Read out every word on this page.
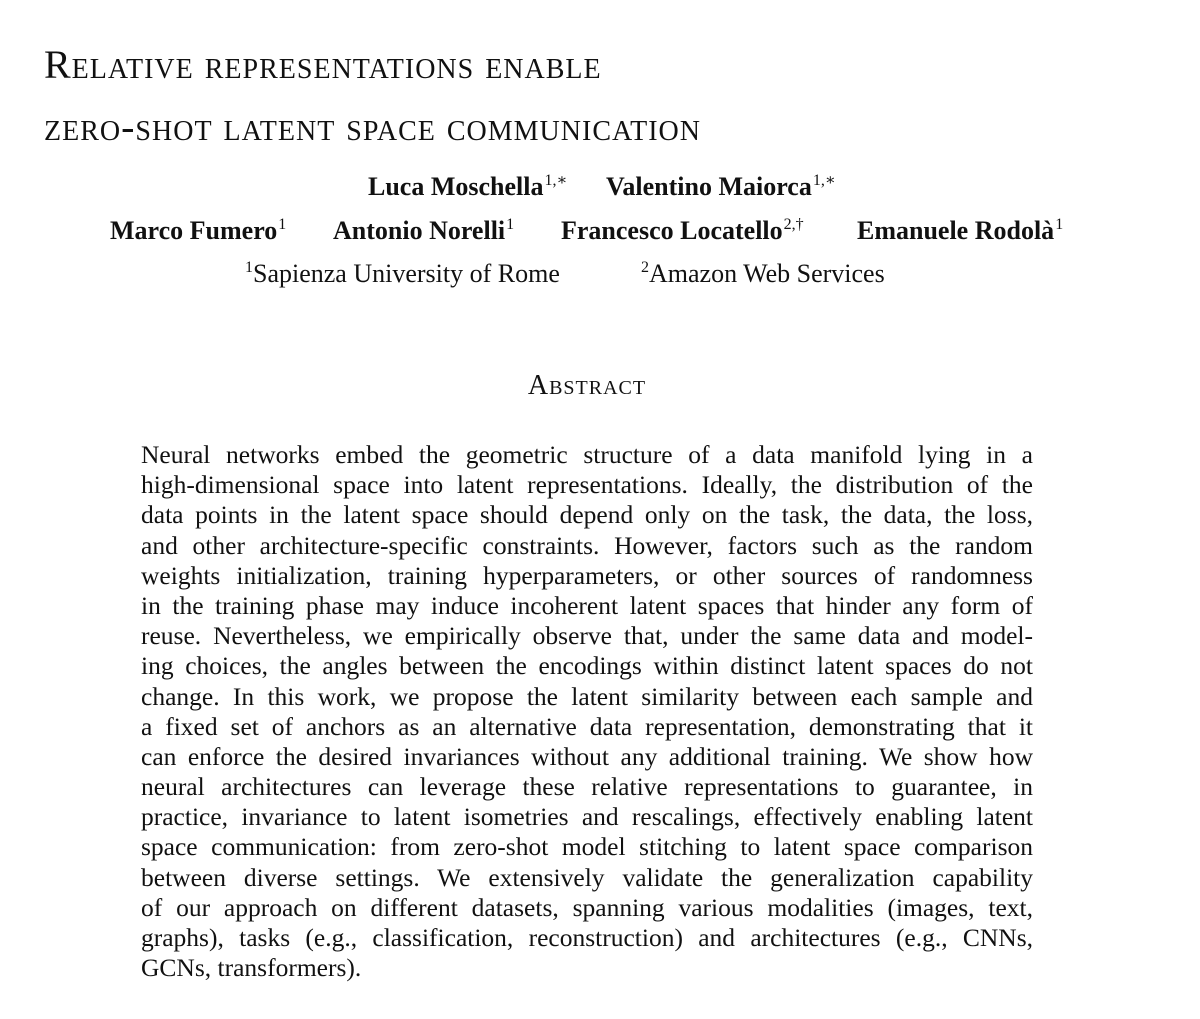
Relative representations enable
zero-shot latent space communication
Luca Moschella$^{1,∗}$ Valentino Maiorca$^{1,∗}$
Marco Fumero$^1$ Antonio Norelli$^1$ Francesco Locatello$^{2,\dagger}$ Emanuele Rodolà$^1$
$^1$Sapienza University of Rome	$^2$Amazon Web Services
Abstract
Neural networks embed the geometric structure of a data manifold lying in a
high-dimensional space into latent representations. Ideally, the distribution of the
data points in the latent space should depend only on the task, the data, the loss,
and other architecture-specific constraints. However, factors such as the random
weights initialization, training hyperparameters, or other sources of randomness
in the training phase may induce incoherent latent spaces that hinder any form of
reuse. Nevertheless, we empirically observe that, under the same data and model-
ing choices, the angles between the encodings within distinct latent spaces do not
change. In this work, we propose the latent similarity between each sample and
a fixed set of anchors as an alternative data representation, demonstrating that it
can enforce the desired invariances without any additional training. We show how
neural architectures can leverage these relative representations to guarantee, in
practice, invariance to latent isometries and rescalings, effectively enabling latent
space communication: from zero-shot model stitching to latent space comparison
between diverse settings. We extensively validate the generalization capability
of our approach on different datasets, spanning various modalities (images, text,
graphs), tasks (e.g., classification, reconstruction) and architectures (e.g., CNNs,
GCNs, transformers).
